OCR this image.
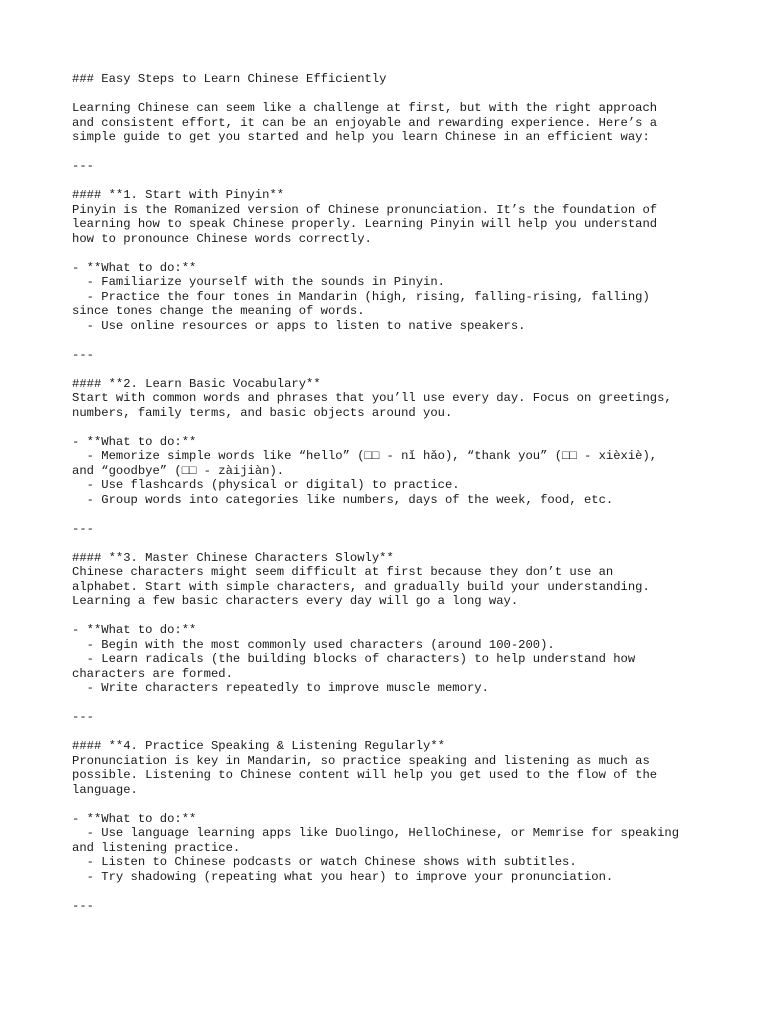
### Easy Steps to Learn Chinese Efficiently
Learning Chinese can seem like a challenge at first, but with the right approach
and consistent effort, it can be an enjoyable and rewarding experience. Here’s a
simple guide to get you started and help you learn Chinese in an efficient way:
---
#### **1. Start with Pinyin**
Pinyin is the Romanized version of Chinese pronunciation. It’s the foundation of
learning how to speak Chinese properly. Learning Pinyin will help you understand
how to pronounce Chinese words correctly.
- **What to do:**
- Familiarize yourself with the sounds in Pinyin.
- Practice the four tones in Mandarin (high, rising, falling-rising, falling)
since tones change the meaning of words.
- Use online resources or apps to listen to native speakers.
---
#### **2. Learn Basic Vocabulary**
Start with common words and phrases that you’ll use every day. Focus on greetings,
numbers, family terms, and basic objects around you.
- **What to do:**
- Memorize simple words like “hello” (□□ - nǐ hǎo), “thank you” (□□ - xièxiè),
and “goodbye” (□□ - zàijiàn).
- Use flashcards (physical or digital) to practice.
- Group words into categories like numbers, days of the week, food, etc.
---
#### **3. Master Chinese Characters Slowly**
Chinese characters might seem difficult at first because they don’t use an
alphabet. Start with simple characters, and gradually build your understanding.
Learning a few basic characters every day will go a long way.
- **What to do:**
- Begin with the most commonly used characters (around 100-200).
- Learn radicals (the building blocks of characters) to help understand how
characters are formed.
- Write characters repeatedly to improve muscle memory.
---
#### **4. Practice Speaking & Listening Regularly**
Pronunciation is key in Mandarin, so practice speaking and listening as much as
possible. Listening to Chinese content will help you get used to the flow of the
language.
- **What to do:**
- Use language learning apps like Duolingo, HelloChinese, or Memrise for speaking
and listening practice.
- Listen to Chinese podcasts or watch Chinese shows with subtitles.
- Try shadowing (repeating what you hear) to improve your pronunciation.
---
